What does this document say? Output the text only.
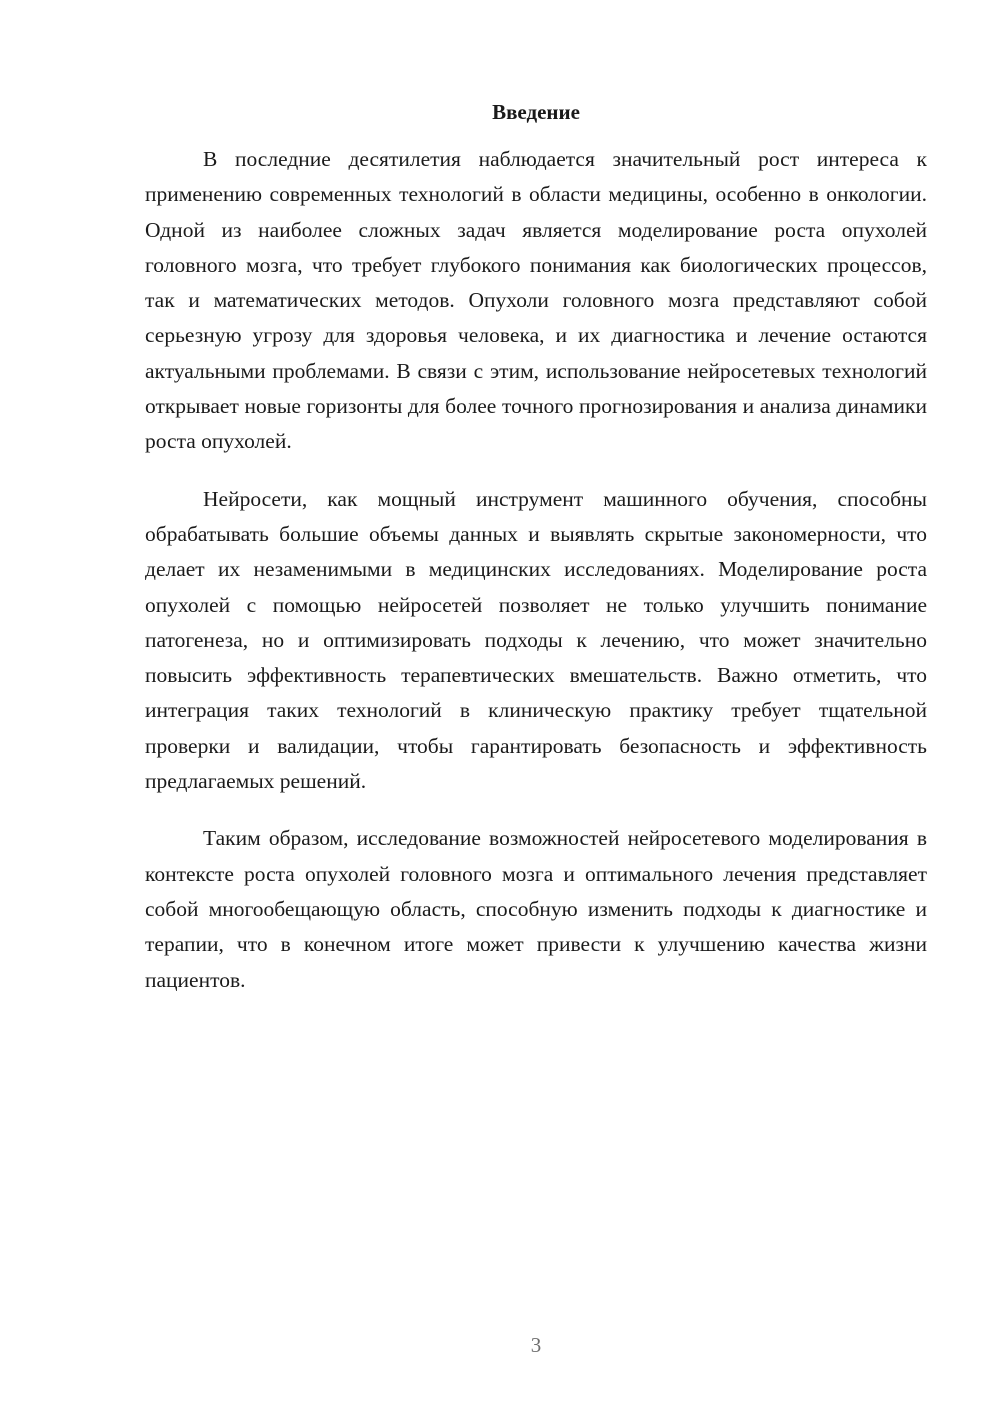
Введение

В последние десятилетия наблюдается значительный рост интереса к применению современных технологий в области медицины, особенно в онкологии. Одной из наиболее сложных задач является моделирование роста опухолей головного мозга, что требует глубокого понимания как биологических процессов, так и математических методов. Опухоли головного мозга представляют собой серьезную угрозу для здоровья человека, и их диагностика и лечение остаются актуальными проблемами. В связи с этим, использование нейросетевых технологий открывает новые горизонты для более точного прогнозирования и анализа динамики роста опухолей.

Нейросети, как мощный инструмент машинного обучения, способны обрабатывать большие объемы данных и выявлять скрытые закономерности, что делает их незаменимыми в медицинских исследованиях. Моделирование роста опухолей с помощью нейросетей позволяет не только улучшить понимание патогенеза, но и оптимизировать подходы к лечению, что может значительно повысить эффективность терапевтических вмешательств. Важно отметить, что интеграция таких технологий в клиническую практику требует тщательной проверки и валидации, чтобы гарантировать безопасность и эффективность предлагаемых решений.

Таким образом, исследование возможностей нейросетевого моделирования в контексте роста опухолей головного мозга и оптимального лечения представляет собой многообещающую область, способную изменить подходы к диагностике и терапии, что в конечном итоге может привести к улучшению качества жизни пациентов.

3
